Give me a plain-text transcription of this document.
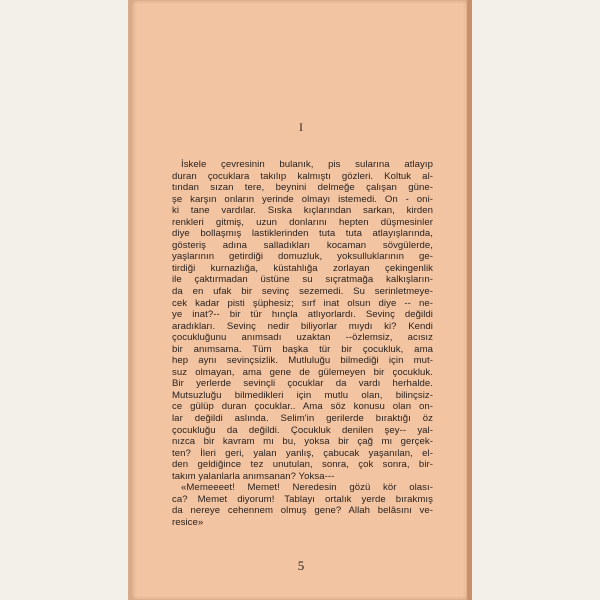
I
İskele çevresinin bulanık, pis sularına atlayıp
duran çocuklara takılıp kalmıştı gözleri. Koltuk al-
tından sızan tere, beynini delmeğe çalışan güne-
şe karşın onların yerinde olmayı istemedi. On - oni-
ki tane vardılar. Sıska kıçlarından sarkan, kirden
renkleri gitmiş, uzun donlarını hepten düşmesinler
diye bollaşmış lastiklerinden tuta tuta atlayışlarında,
gösteriş adına salladıkları kocaman sövgülerde,
yaşlarının getirdiği domuzluk, yoksulluklarının ge-
tirdiği kurnazlığa, küstahlığa zorlayan çekingenlik
ile çaktırmadan üstüne su sıçratmağa kalkışların-
da en ufak bir sevinç sezemedi. Su serinletmeye-
cek kadar pisti şüphesiz; sırf inat olsun diye -- ne-
ye inat?-- bir tür hınçla atlıyorlardı. Sevinç değildi
aradıkları. Sevinç nedir biliyorlar mıydı ki? Kendi
çocukluğunu anımsadı uzaktan --özlemsiz, acısız
bir anımsama. Tüm başka tür bir çocukluk, ama
hep aynı sevinçsizlik. Mutluluğu bilmediği için mut-
suz olmayan, ama gene de gülemeyen bir çocukluk.
Bir yerlerde sevinçli çocuklar da vardı herhalde.
Mutsuzluğu bilmedikleri için mutlu olan, bilinçsiz-
ce gülüp duran çocuklar.. Ama söz konusu olan on-
lar değildi aslında. Selim'in gerilerde bıraktığı öz
çocukluğu da değildi. Çocukluk denilen şey-- yal-
nızca bir kavram mı bu, yoksa bir çağ mı gerçek-
ten? İleri geri, yalan yanlış, çabucak yaşanılan, el-
den geldiğince tez unutulan, sonra, çok sonra, bir-
takım yalanlarla anımsanan? Yoksa---
«Memeeeet! Memet! Neredesin gözü kör olası-
ca? Memet diyorum! Tablayı ortalık yerde bırakmış
da nereye cehennem olmuş gene? Allah belâsını ve-
resice»
5
